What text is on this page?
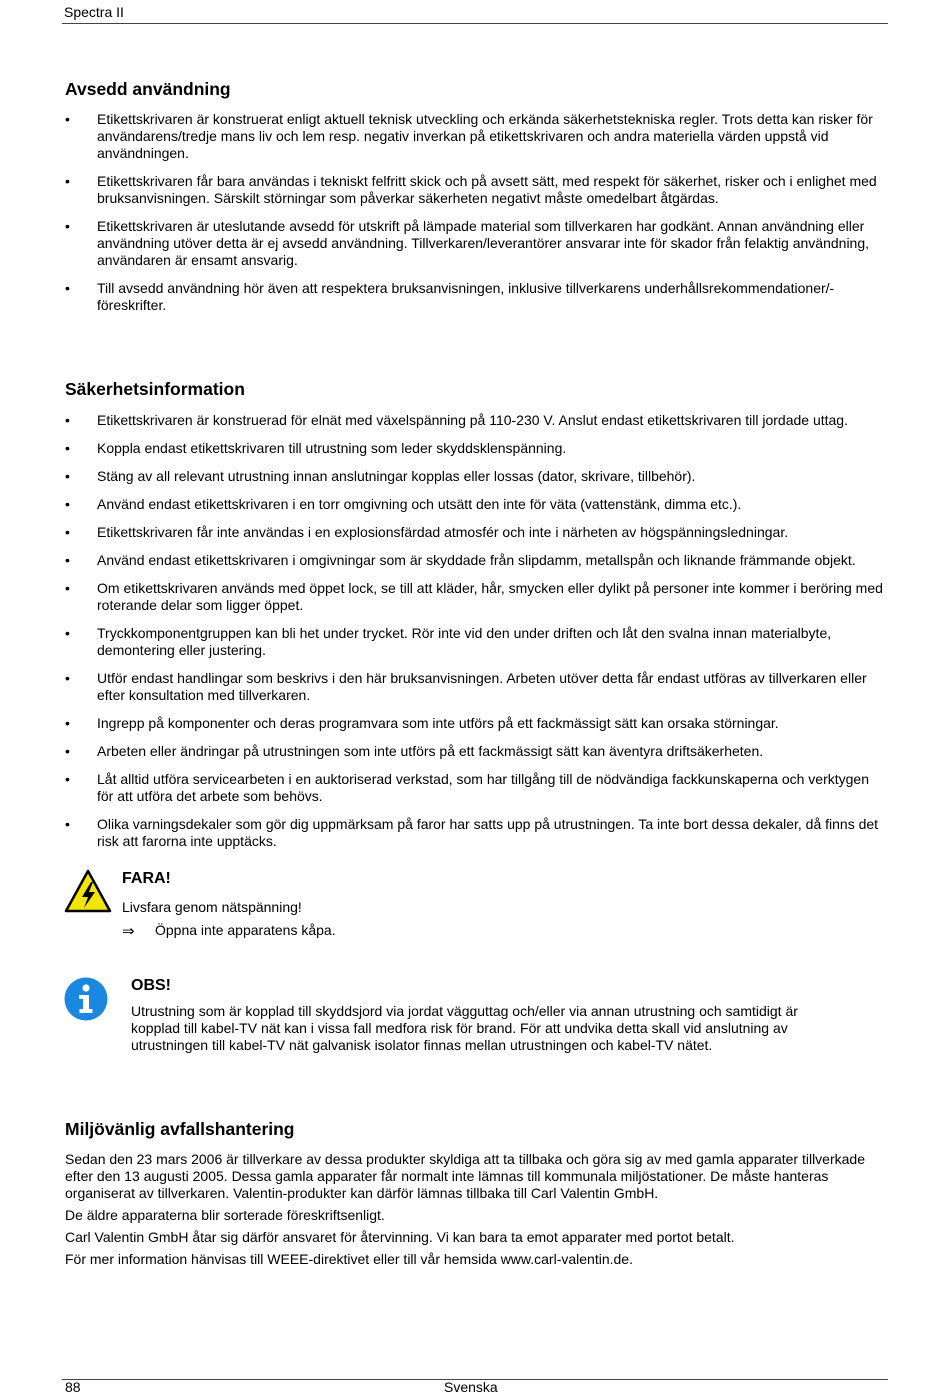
Spectra II
Avsedd användning
• Etikettskrivaren är konstruerat enligt aktuell teknisk utveckling och erkända säkerhetstekniska regler. Trots detta kan risker för användarens/tredje mans liv och lem resp. negativ inverkan på etikettskrivaren och andra materiella värden uppstå vid användningen.
• Etikettskrivaren får bara användas i tekniskt felfritt skick och på avsett sätt, med respekt för säkerhet, risker och i enlighet med bruksanvisningen. Särskilt störningar som påverkar säkerheten negativt måste omedelbart åtgärdas.
• Etikettskrivaren är uteslutande avsedd för utskrift på lämpade material som tillverkaren har godkänt. Annan användning eller användning utöver detta är ej avsedd användning. Tillverkaren/leverantörer ansvarar inte för skador från felaktig användning, användaren är ensamt ansvarig.
• Till avsedd användning hör även att respektera bruksanvisningen, inklusive tillverkarens underhållsrekommendationer/-föreskrifter.
Säkerhetsinformation
• Etikettskrivaren är konstruerad för elnät med växelspänning på 110-230 V. Anslut endast etikettskrivaren till jordade uttag.
• Koppla endast etikettskrivaren till utrustning som leder skyddsklenspänning.
• Stäng av all relevant utrustning innan anslutningar kopplas eller lossas (dator, skrivare, tillbehör).
• Använd endast etikettskrivaren i en torr omgivning och utsätt den inte för väta (vattenstänk, dimma etc.).
• Etikettskrivaren får inte användas i en explosionsfärdad atmosfér och inte i närheten av högspänningsledningar.
• Använd endast etikettskrivaren i omgivningar som är skyddade från slipdamm, metallspån och liknande främmande objekt.
• Om etikettskrivaren används med öppet lock, se till att kläder, hår, smycken eller dylikt på personer inte kommer i beröring med roterande delar som ligger öppet.
• Tryckkomponentgruppen kan bli het under trycket. Rör inte vid den under driften och låt den svalna innan materialbyte, demontering eller justering.
• Utför endast handlingar som beskrivs i den här bruksanvisningen. Arbeten utöver detta får endast utföras av tillverkaren eller efter konsultation med tillverkaren.
• Ingrepp på komponenter och deras programvara som inte utförs på ett fackmässigt sätt kan orsaka störningar.
• Arbeten eller ändringar på utrustningen som inte utförs på ett fackmässigt sätt kan äventyra driftsäkerheten.
• Låt alltid utföra servicearbeten i en auktoriserad verkstad, som har tillgång till de nödvändiga fackkunskaperna och verktygen för att utföra det arbete som behövs.
• Olika varningsdekaler som gör dig uppmärksam på faror har satts upp på utrustningen. Ta inte bort dessa dekaler, då finns det risk att farorna inte upptäcks.
FARA!
Livsfara genom nätspänning!
⇒ Öppna inte apparatens kåpa.
OBS!

Utrustning som är kopplad till skyddsjord via jordat vägguttag och/eller via annan utrustning och samtidigt är kopplad till kabel-TV nät kan i vissa fall medfora risk för brand. För att undvika detta skall vid anslutning av utrustningen till kabel-TV nät galvanisk isolator finnas mellan utrustningen och kabel-TV nätet.

Miljövänlig avfallshantering

Sedan den 23 mars 2006 är tillverkare av dessa produkter skyldiga att ta tillbaka och göra sig av med gamla apparater tillverkade efter den 13 augusti 2005. Dessa gamla apparater får normalt inte lämnas till kommunala miljöstationer. De måste hanteras organiserat av tillverkaren. Valentin-produkter kan därför lämnas tillbaka till Carl Valentin GmbH.

De äldre apparaterna blir sorterade föreskriftsenligt.

Carl Valentin GmbH åtar sig därför ansvaret för återvinning. Vi kan bara ta emot apparater med portot betalt.

För mer information hänvisas till WEEE-direktivet eller till vår hemsida www.carl-valentin.de.

88	Svenska
